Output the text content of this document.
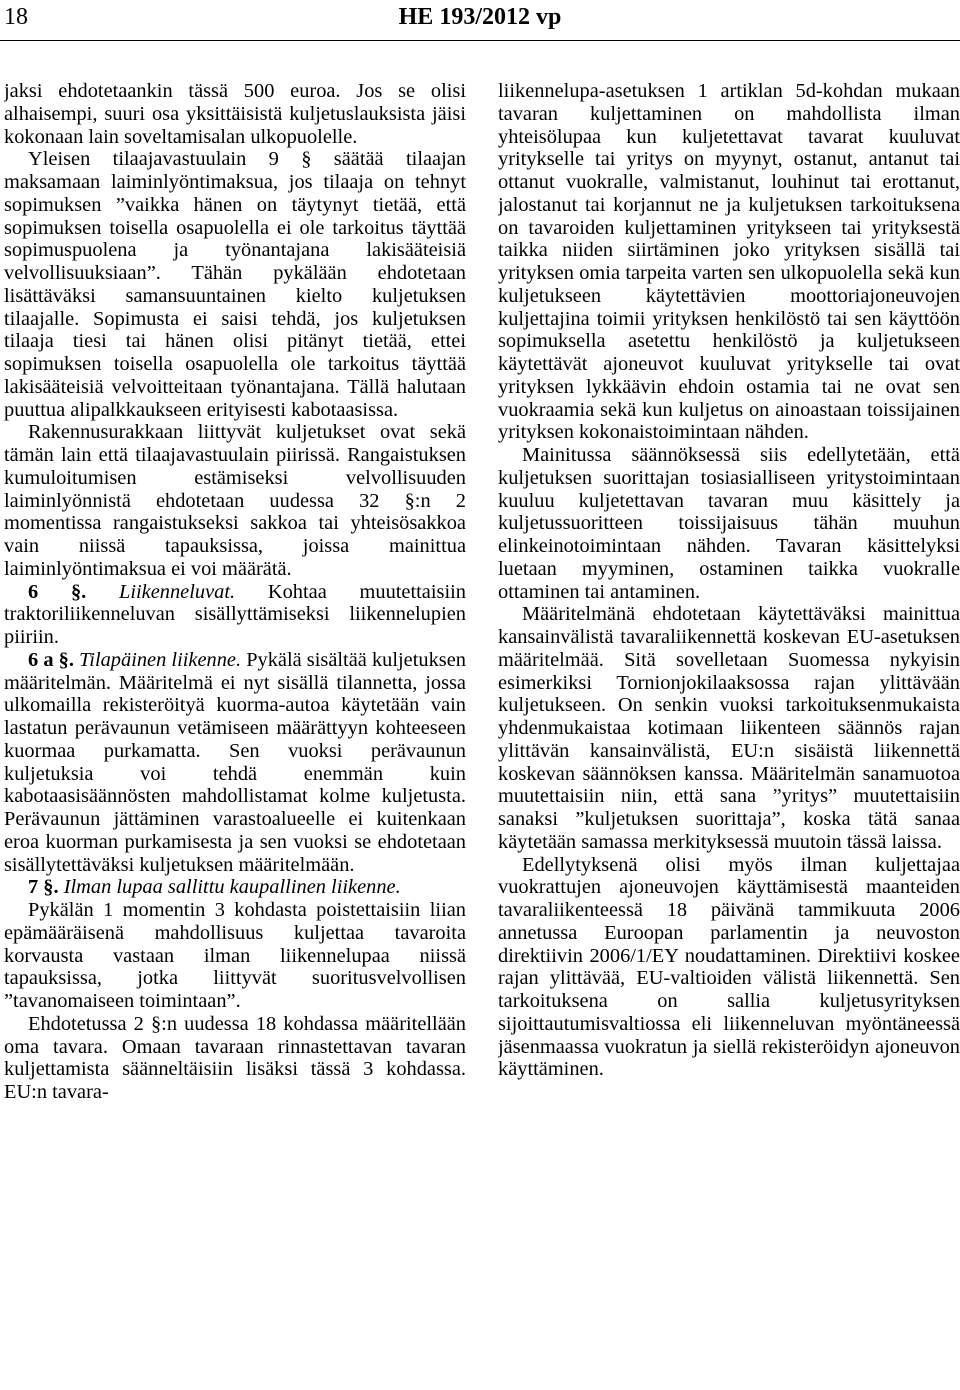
18	HE 193/2012 vp

jaksi ehdotetaankin tässä 500 euroa. Jos se olisi alhaisempi, suuri osa yksittäisistä kuljetuslauksista jäisi kokonaan lain soveltamisalan ulkopuolelle.

Yleisen tilaajavastuulain 9 § säätää tilaajan maksamaan laiminlyöntimaksua, jos tilaaja on tehnyt sopimuksen ”vaikka hänen on täytynyt tietää, että sopimuksen toisella osapuolella ei ole tarkoitus täyttää sopimuspuolena ja työnantajana lakisääteisiä velvollisuuksiaan”. Tähän pykälään ehdotetaan lisättäväksi samansuuntainen kielto kuljetuksen tilaajalle. Sopimusta ei saisi tehdä, jos kuljetuksen tilaaja tiesi tai hänen olisi pitänyt tietää, ettei sopimuksen toisella osapuolella ole tarkoitus täyttää lakisääteisiä velvoitteitaan työnantajana. Tällä halutaan puuttua alipalkkaukseen erityisesti kabotaasissa.

Rakennusurakkaan liittyvät kuljetukset ovat sekä tämän lain että tilaajavastuulain piirissä. Rangaistuksen kumuloitumisen estämiseksi velvollisuuden laiminlyönnistä ehdotetaan uudessa 32 §:n 2 momentissa rangaistukseksi sakkoa tai yhteisösakkoa vain niissä tapauksissa, joissa mainittua laiminlyöntimaksua ei voi määrätä.

6 §. Liikenneluvat. Kohtaa muutettaisiin traktoriliikenneluvan sisällyttämiseksi liikennelupien piiriin.

6 a §. Tilapäinen liikenne. Pykälä sisältää kuljetuksen määritelmän. Määritelmä ei nyt sisällä tilannetta, jossa ulkomailla rekisteröityä kuorma-autoa käytetään vain lastatun perävaunun vetämiseen määrättyyn kohteeseen kuormaa purkamatta. Sen vuoksi perävaunun kuljetuksia voi tehdä enemmän kuin kabotaasisäännösten mahdollistamat kolme kuljetusta. Perävaunun jättäminen varastoalueelle ei kuitenkaan eroa kuorman purkamisesta ja sen vuoksi se ehdotetaan sisällytettäväksi kuljetuksen määritelmään.

7 §. Ilman lupaa sallittu kaupallinen liikenne.

Pykälän 1 momentin 3 kohdasta poistettaisiin liian epämääräisenä mahdollisuus kuljettaa tavaroita korvausta vastaan ilman liikennelupaa niissä tapauksissa, jotka liittyvät suoritusvelvollisen ”tavanomaiseen toimintaan”.

Ehdotetussa 2 §:n uudessa 18 kohdassa määritellään oma tavara. Omaan tavaraan rinnastettavan tavaran kuljettamista säänneltäisiin lisäksi tässä 3 kohdassa. EU:n tavara-

liikennelupa-asetuksen 1 artiklan 5d-kohdan mukaan tavaran kuljettaminen on mahdollista ilman yhteisölupaa kun kuljetettavat tavarat kuuluvat yritykselle tai yritys on myynyt, ostanut, antanut tai ottanut vuokralle, valmistanut, louhinut tai erottanut, jalostanut tai korjannut ne ja kuljetuksen tarkoituksena on tavaroiden kuljettaminen yritykseen tai yrityksestä taikka niiden siirtäminen joko yrityksen sisällä tai yrityksen omia tarpeita varten sen ulkopuolella sekä kun kuljetukseen käytettävien moottoriajoneuvojen kuljettajina toimii yrityksen henkilöstö tai sen käyttöön sopimuksella asetettu henkilöstö ja kuljetukseen käytettävät ajoneuvot kuuluvat yritykselle tai ovat yrityksen lykkäävin ehdoin ostamia tai ne ovat sen vuokraamia sekä kun kuljetus on ainoastaan toissijainen yrityksen kokonaistoimintaan nähden.

Mainitussa säännöksessä siis edellytetään, että kuljetuksen suorittajan tosiasialliseen yritystoimintaan kuuluu kuljetettavan tavaran muu käsittely ja kuljetussuoritteen toissijaisuus tähän muuhun elinkeinotoimintaan nähden. Tavaran käsittelyksi luetaan myyminen, ostaminen taikka vuokralle ottaminen tai antaminen.

Määritelmänä ehdotetaan käytettäväksi mainittua kansainvälistä tavaraliikennettä koskevan EU-asetuksen määritelmää. Sitä sovelletaan Suomessa nykyisin esimerkiksi Tornionjokilaaksossa rajan ylittävään kuljetukseen. On senkin vuoksi tarkoituksenmukaista yhdenmukaistaa kotimaan liikenteen säännös rajan ylittävän kansainvälistä, EU:n sisäistä liikennettä koskevan säännöksen kanssa. Määritelmän sanamuotoa muutettaisiin niin, että sana ”yritys” muutettaisiin sanaksi ”kuljetuksen suorittaja”, koska tätä sanaa käytetään samassa merkityksessä muutoin tässä laissa.

Edellytyksenä olisi myös ilman kuljettajaa vuokrattujen ajoneuvojen käyttämisestä maanteiden tavaraliikenteessä 18 päivänä tammikuuta 2006 annetussa Euroopan parlamentin ja neuvoston direktiivin 2006/1/EY noudattaminen. Direktiivi koskee rajan ylittävää, EU-valtioiden välistä liikennettä. Sen tarkoituksena on sallia kuljetusyrityksen sijoittautumisvaltiossa eli liikenneluvan myöntäneessä jäsenmaassa vuokratun ja siellä rekisteröidyn ajoneuvon käyttäminen.
